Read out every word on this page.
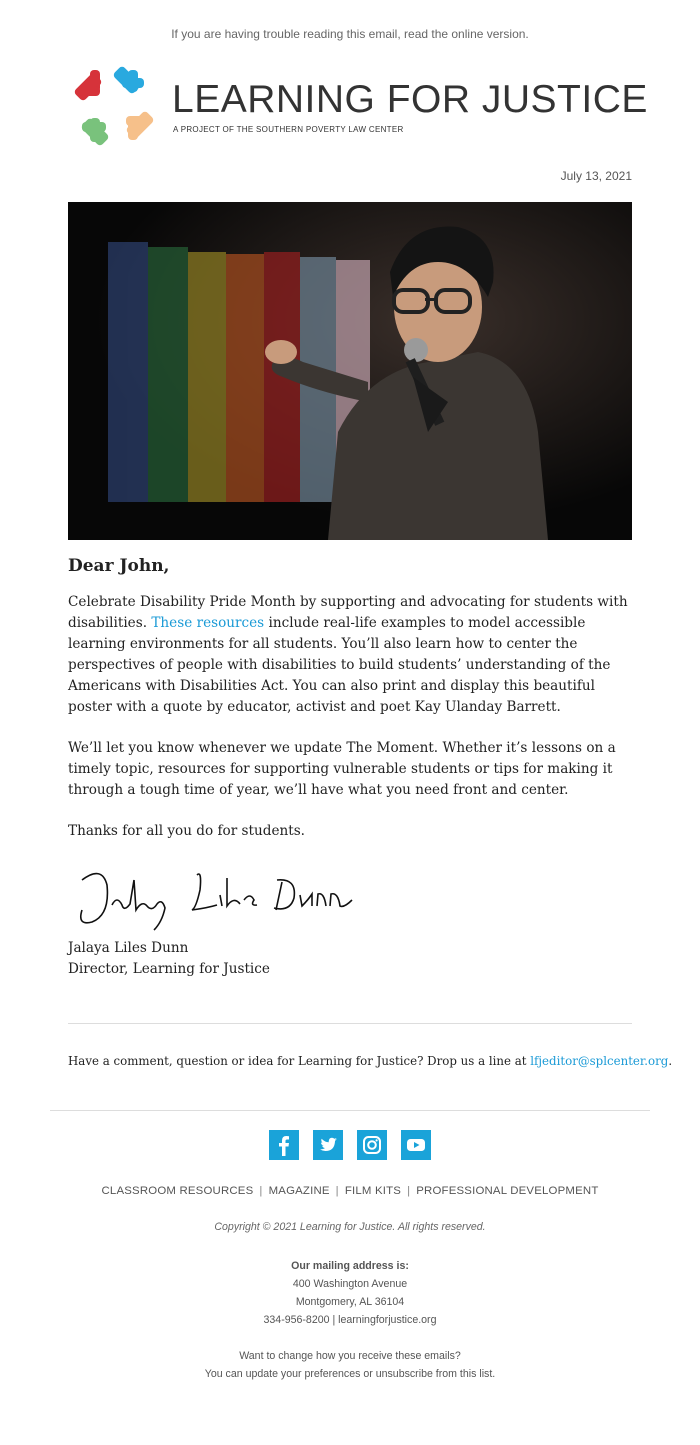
If you are having trouble reading this email, read the online version.
LEARNING FOR JUSTICE
A PROJECT OF THE SOUTHERN POVERTY LAW CENTER
July 13, 2021
Dear John,

Celebrate Disability Pride Month by supporting and advocating for students with disabilities. These resources include real-life examples to model accessible learning environments for all students. You’ll also learn how to center the perspectives of people with disabilities to build students’ understanding of the Americans with Disabilities Act. You can also print and display this beautiful poster with a quote by educator, activist and poet Kay Ulanday Barrett.

We’ll let you know whenever we update The Moment. Whether it’s lessons on a timely topic, resources for supporting vulnerable students or tips for making it through a tough time of year, we’ll have what you need front and center.

Thanks for all you do for students.

Jalaya Liles Dunn
Director, Learning for Justice
Have a comment, question or idea for Learning for Justice? Drop us a line at lfjeditor@splcenter.org.
CLASSROOM RESOURCES | MAGAZINE | FILM KITS | PROFESSIONAL DEVELOPMENT
Copyright © 2021 Learning for Justice. All rights reserved.
Our mailing address is:
400 Washington Avenue
Montgomery, AL 36104
334-956-8200 | learningforjustice.org
Want to change how you receive these emails?
You can update your preferences or unsubscribe from this list.
